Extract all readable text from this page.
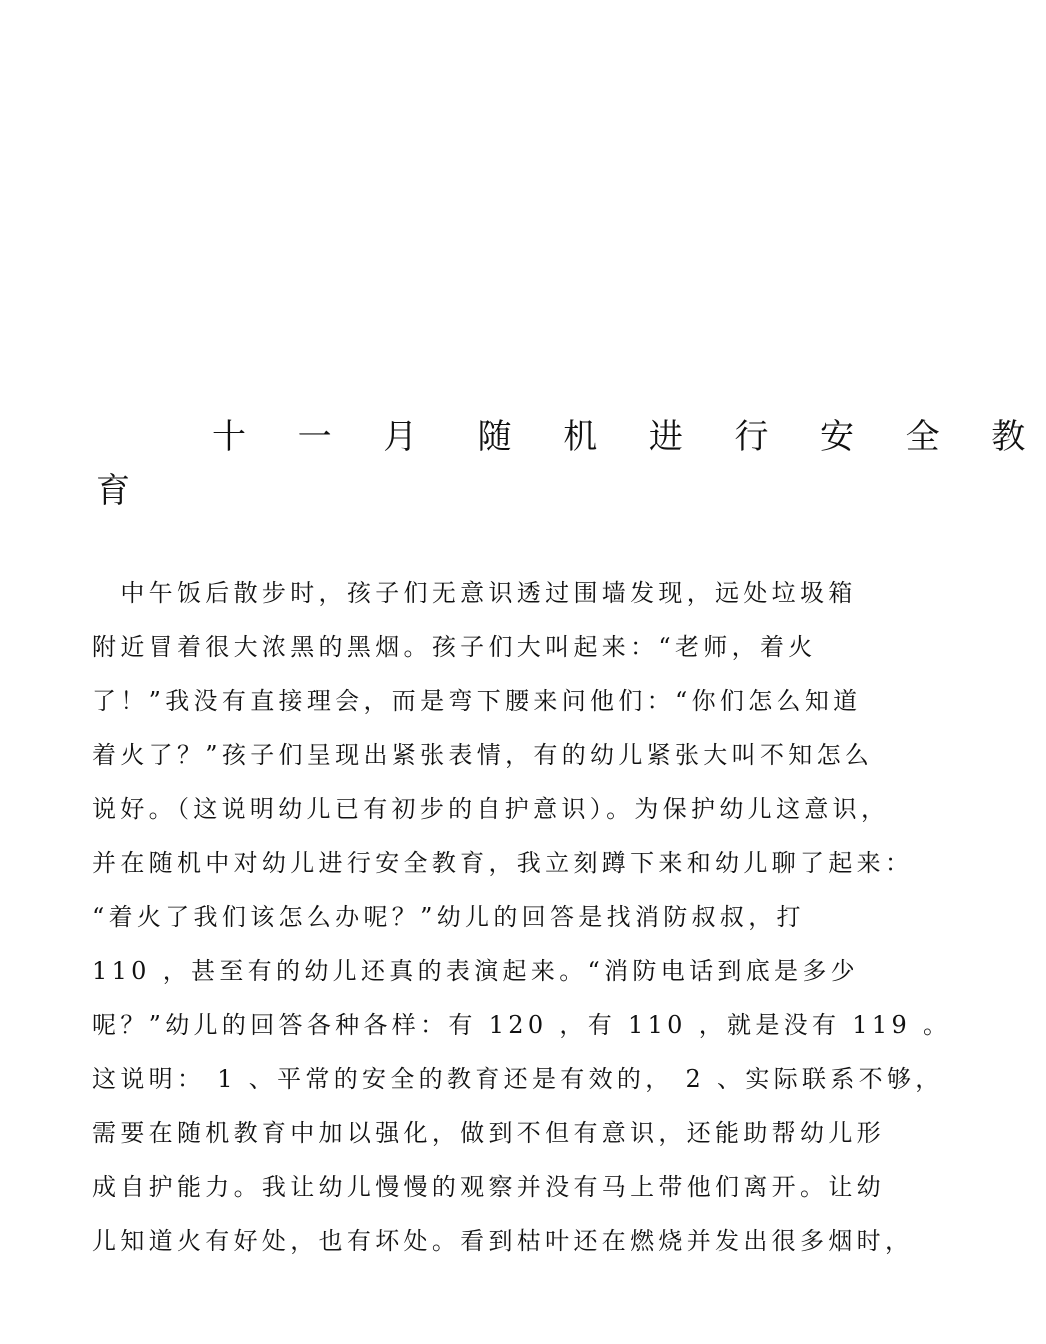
十 一 月 随 机 进 行 安 全 教
育
　中午饭后散步时，孩子们无意识透过围墙发现，远处垃圾箱
附近冒着很大浓黑的黑烟。孩子们大叫起来：“老师，着火
了！”我没有直接理会，而是弯下腰来问他们：“你们怎么知道
着火了？”孩子们呈现出紧张表情，有的幼儿紧张大叫不知怎么
说好。（这说明幼儿已有初步的自护意识）。为保护幼儿这意识，
并在随机中对幼儿进行安全教育，我立刻蹲下来和幼儿聊了起来：
“着火了我们该怎么办呢？”幼儿的回答是找消防叔叔，打
110 ，甚至有的幼儿还真的表演起来。“消防电话到底是多少
呢？”幼儿的回答各种各样：有 120 ，有 110 ，就是没有 119 。
这说明： 1 、平常的安全的教育还是有效的， 2 、实际联系不够，
需要在随机教育中加以强化，做到不但有意识，还能助帮幼儿形
成自护能力。我让幼儿慢慢的观察并没有马上带他们离开。让幼
儿知道火有好处，也有坏处。看到枯叶还在燃烧并发出很多烟时，
